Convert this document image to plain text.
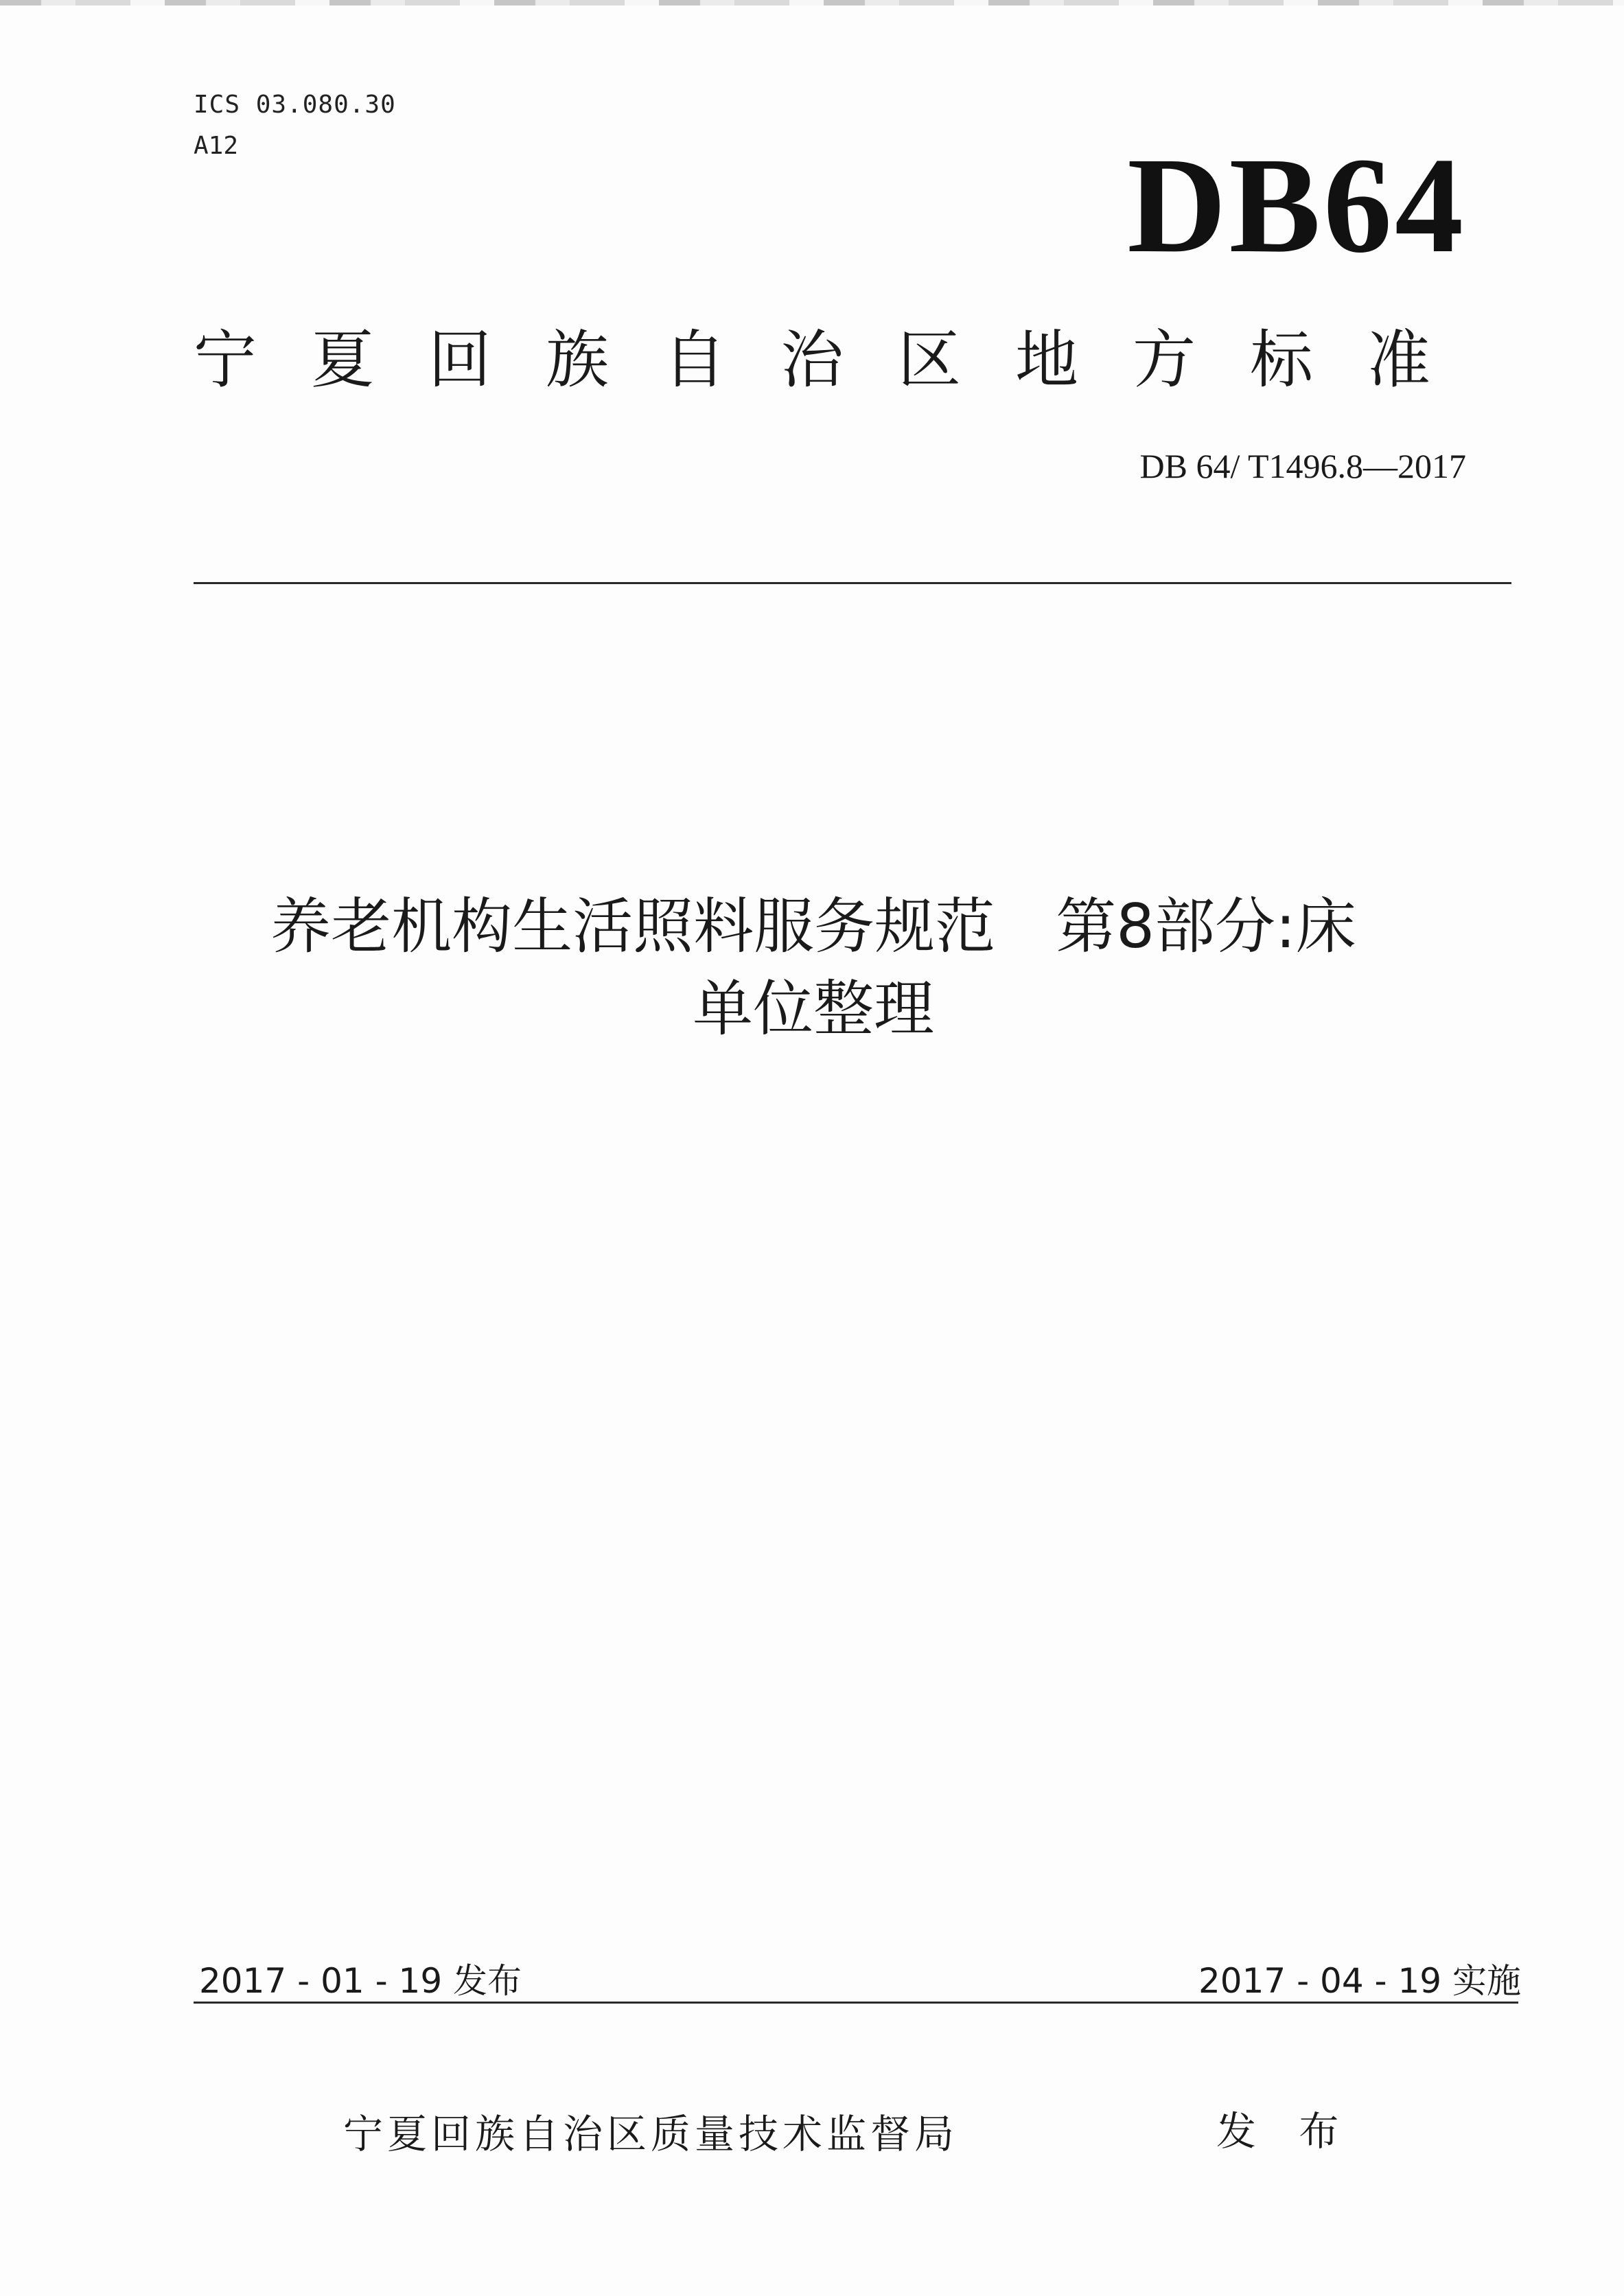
ICS 03.080.30
A12	DB64
宁夏回族自治区地方标准
DB 64/ T1496.8—2017
养老机构生活照料服务规范　第8部分:床
单位整理
2017 - 01 - 19 发布	2017 - 04 - 19 实施
宁夏回族自治区质量技术监督局	发 布
